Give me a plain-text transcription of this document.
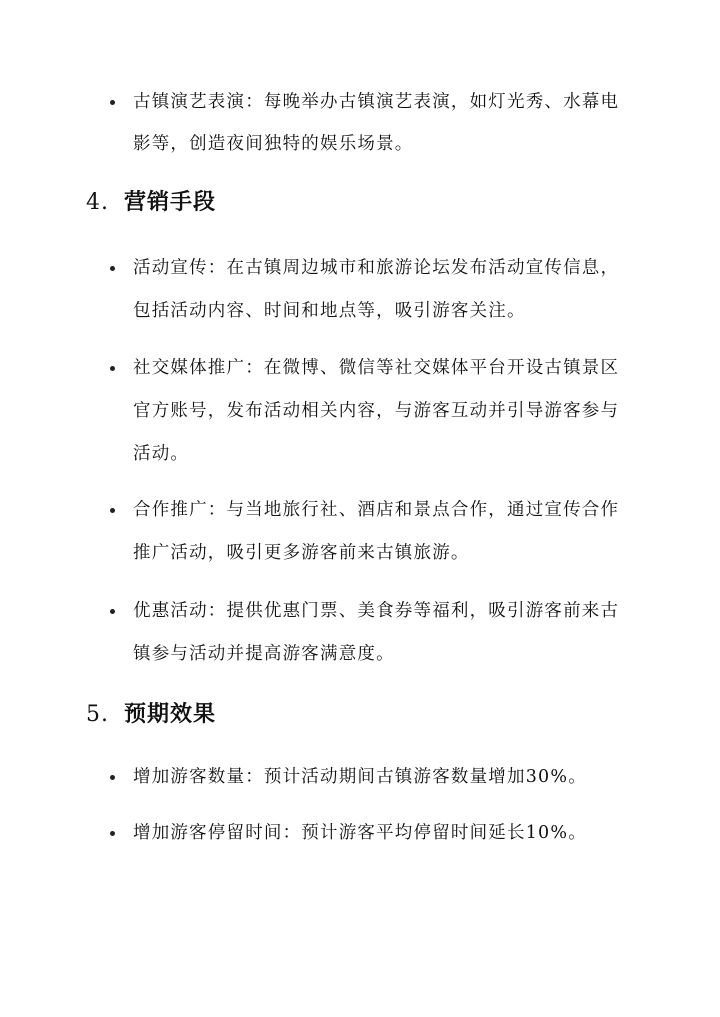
古镇演艺表演：每晚举办古镇演艺表演，如灯光秀、水幕电
影等，创造夜间独特的娱乐场景。
4. 营销手段
活动宣传：在古镇周边城市和旅游论坛发布活动宣传信息，
包括活动内容、时间和地点等，吸引游客关注。
社交媒体推广：在微博、微信等社交媒体平台开设古镇景区
官方账号，发布活动相关内容，与游客互动并引导游客参与
活动。
合作推广：与当地旅行社、酒店和景点合作，通过宣传合作
推广活动，吸引更多游客前来古镇旅游。
优惠活动：提供优惠门票、美食券等福利，吸引游客前来古
镇参与活动并提高游客满意度。
5. 预期效果
增加游客数量：预计活动期间古镇游客数量增加30%。
增加游客停留时间：预计游客平均停留时间延长10%。
